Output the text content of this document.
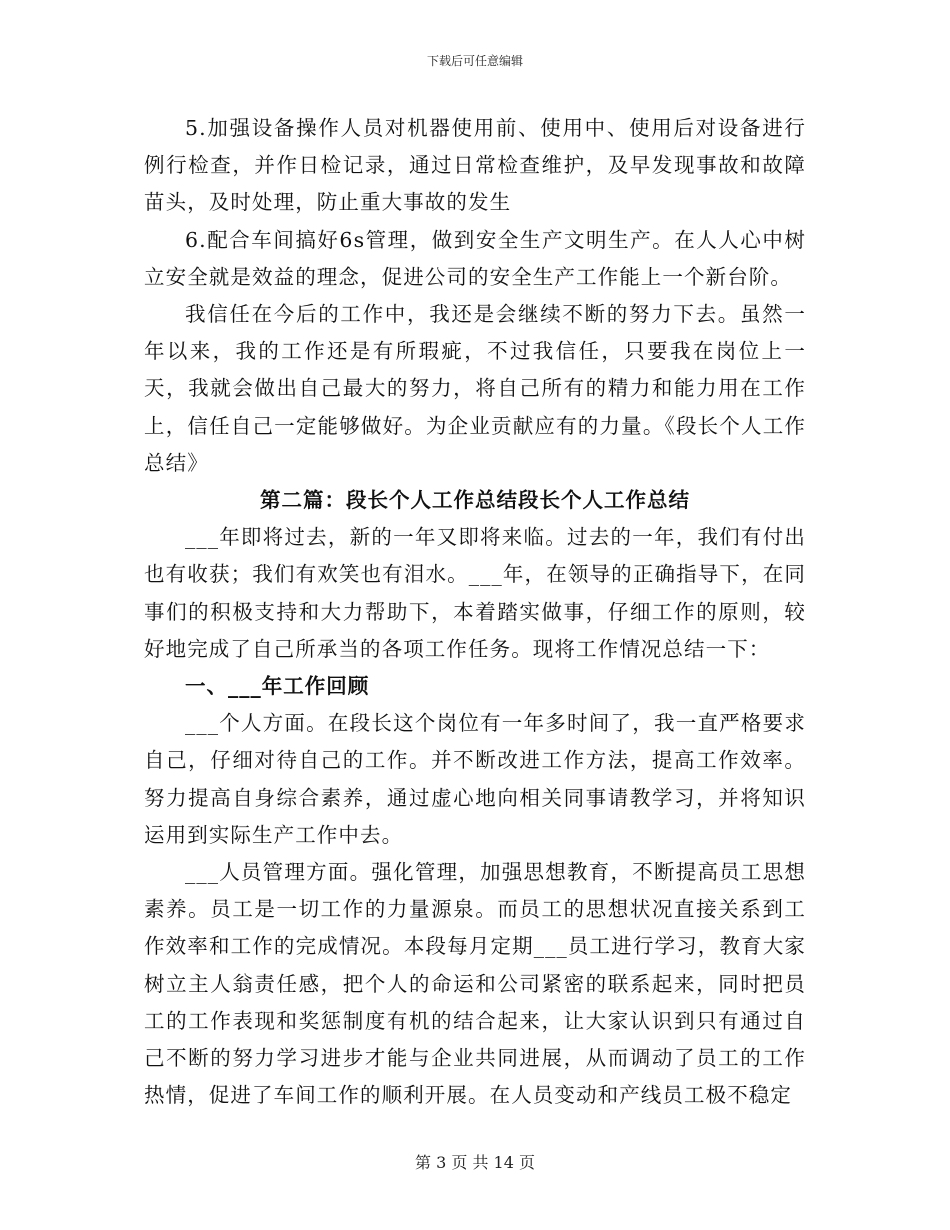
下载后可任意编辑

5.加强设备操作人员对机器使用前、使用中、使用后对设备进行例行检查，并作日检记录，通过日常检查维护，及早发现事故和故障苗头，及时处理，防止重大事故的发生

6.配合车间搞好6s管理，做到安全生产文明生产。在人人心中树立安全就是效益的理念，促进公司的安全生产工作能上一个新台阶。

我信任在今后的工作中，我还是会继续不断的努力下去。虽然一年以来，我的工作还是有所瑕疵，不过我信任，只要我在岗位上一天，我就会做出自己最大的努力，将自己所有的精力和能力用在工作上，信任自己一定能够做好。为企业贡献应有的力量。《段长个人工作总结》

第二篇：段长个人工作总结段长个人工作总结

___年即将过去，新的一年又即将来临。过去的一年，我们有付出也有收获；我们有欢笑也有泪水。___年，在领导的正确指导下，在同事们的积极支持和大力帮助下，本着踏实做事，仔细工作的原则，较好地完成了自己所承当的各项工作任务。现将工作情况总结一下：

一、___年工作回顾

___个人方面。在段长这个岗位有一年多时间了，我一直严格要求自己，仔细对待自己的工作。并不断改进工作方法，提高工作效率。努力提高自身综合素养，通过虚心地向相关同事请教学习，并将知识运用到实际生产工作中去。

___人员管理方面。强化管理，加强思想教育，不断提高员工思想素养。员工是一切工作的力量源泉。而员工的思想状况直接关系到工作效率和工作的完成情况。本段每月定期___员工进行学习，教育大家树立主人翁责任感，把个人的命运和公司紧密的联系起来，同时把员工的工作表现和奖惩制度有机的结合起来，让大家认识到只有通过自己不断的努力学习进步才能与企业共同进展，从而调动了员工的工作热情，促进了车间工作的顺利开展。在人员变动和产线员工极不稳定

第 3 页 共 14 页
